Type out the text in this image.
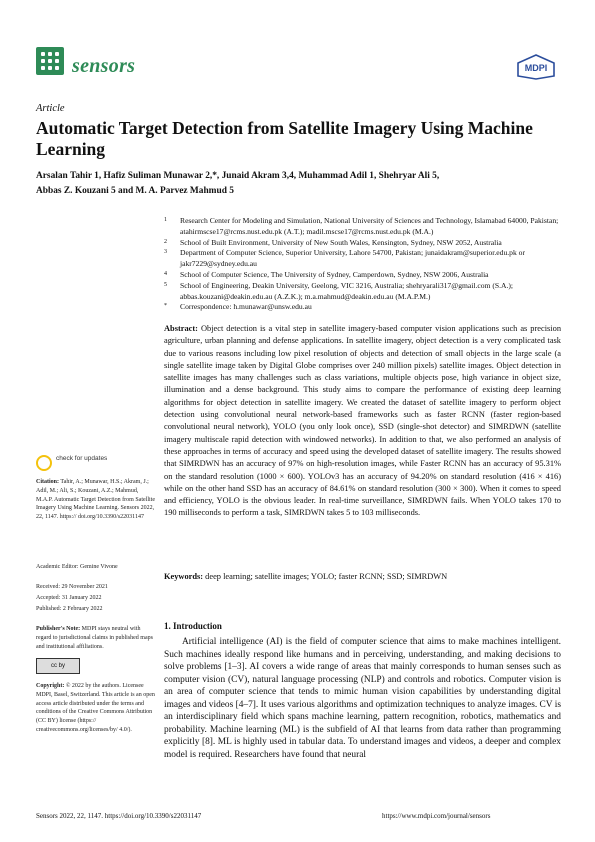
sensors	MDPI
Article
Automatic Target Detection from Satellite Imagery Using Machine Learning
Arsalan Tahir 1, Hafiz Suliman Munawar 2,*, Junaid Akram 3,4, Muhammad Adil 1, Shehryar Ali 5,
Abbas Z. Kouzani 5 and M. A. Parvez Mahmud 5
1 Research Center for Modeling and Simulation, National University of Sciences and Technology, Islamabad 64000, Pakistan; atahirmscse17@rcms.nust.edu.pk (A.T.); madil.mscse17@rcms.nust.edu.pk (M.A.)
2 School of Built Environment, University of New South Wales, Kensington, Sydney, NSW 2052, Australia
3 Department of Computer Science, Superior University, Lahore 54700, Pakistan; junaidakram@superior.edu.pk or jakr7229@sydney.edu.au
4 School of Computer Science, The University of Sydney, Camperdown, Sydney, NSW 2006, Australia
5 School of Engineering, Deakin University, Geelong, VIC 3216, Australia; shehryarali317@gmail.com (S.A.); abbas.kouzani@deakin.edu.au (A.Z.K.); m.a.mahmud@deakin.edu.au (M.A.P.M.)
* Correspondence: h.munawar@unsw.edu.au
Abstract: Object detection is a vital step in satellite imagery-based computer vision applications such as precision agriculture, urban planning and defense applications. In satellite imagery, object detection is a very complicated task due to various reasons including low pixel resolution of objects and detection of small objects in the large scale (a single satellite image taken by Digital Globe comprises over 240 million pixels) satellite images. Object detection in satellite images has many challenges such as class variations, multiple objects pose, high variance in object size, illumination and a dense background. This study aims to compare the performance of existing deep learning algorithms for object detection in satellite imagery. We created the dataset of satellite imagery to perform object detection using convolutional neural network-based frameworks such as faster RCNN (faster region-based convolutional neural network), YOLO (you only look once), SSD (single-shot detector) and SIMRDWN (satellite imagery multiscale rapid detection with windowed networks). In addition to that, we also performed an analysis of these approaches in terms of accuracy and speed using the developed dataset of satellite imagery. The results showed that SIMRDWN has an accuracy of 97% on high-resolution images, while Faster RCNN has an accuracy of 95.31% on the standard resolution (1000 × 600). YOLOv3 has an accuracy of 94.20% on standard resolution (416 × 416) while on the other hand SSD has an accuracy of 84.61% on standard resolution (300 × 300). When it comes to speed and efficiency, YOLO is the obvious leader. In real-time surveillance, SIMRDWN fails. When YOLO takes 170 to 190 milliseconds to perform a task, SIMRDWN takes 5 to 103 milliseconds.
Keywords: deep learning; satellite images; YOLO; faster RCNN; SSD; SIMRDWN
check for updates
Citation: Tahir, A.; Munawar, H.S.; Akram, J.; Adil, M.; Ali, S.; Kouzani, A.Z.; Mahmud, M.A.P. Automatic Target Detection from Satellite Imagery Using Machine Learning. Sensors 2022, 22, 1147. https:// doi.org/10.3390/s22031147
Academic Editor: Gemine Vivone
Received: 29 November 2021
Accepted: 31 January 2022
Published: 2 February 2022
Publisher's Note: MDPI stays neutral with regard to jurisdictional claims in published maps and institutional affiliations.
cc by
Copyright: © 2022 by the authors. Licensee MDPI, Basel, Switzerland. This article is an open access article distributed under the terms and conditions of the Creative Commons Attribution (CC BY) license (https:// creativecommons.org/licenses/by/ 4.0/).
1. Introduction
Artificial intelligence (AI) is the field of computer science that aims to make machines intelligent. Such machines ideally respond like humans and in perceiving, understanding, and making decisions to solve problems [1–3]. AI covers a wide range of areas that mainly corresponds to human senses such as computer vision (CV), natural language processing (NLP) and controls and robotics. Computer vision is an area of computer science that tends to mimic human vision capabilities by understanding digital images and videos [4–7]. It uses various algorithms and optimization techniques to analyze images. CV is an interdisciplinary field which spans machine learning, pattern recognition, robotics, mathematics and probability. Machine learning (ML) is the subfield of AI that learns from data rather than programming explicitly [8]. ML is highly used in tabular data. To understand images and videos, a deeper and complex model is required. Researchers have found that neural
Sensors 2022, 22, 1147. https://doi.org/10.3390/s22031147	https://www.mdpi.com/journal/sensors
